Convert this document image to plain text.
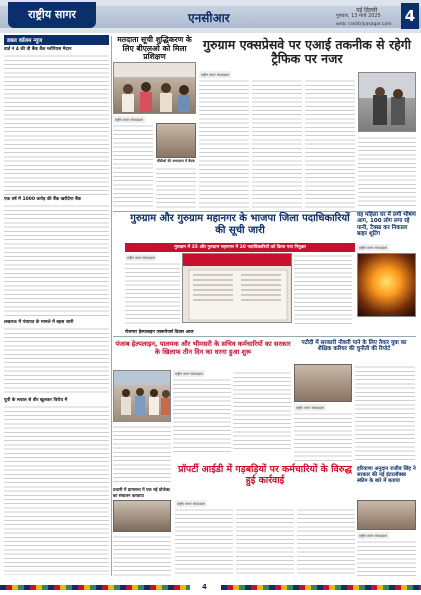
राष्ट्रीय सागर	एनसीआर
नई दिल्ली
गुरुवार, 13 मार्च 2025
web: rashtriyasagar.com 4
डबल कॉलम न्यूज
वार्ड नं 4 की वी बैंक बैंक ग्लोरियस मैदान
एक वर्ष में 1000 करोड़ की बैंक खरीदेगा बैंक
लखनऊ में पंचायत के मामले में बहस जारी
यूपी के सवाल से वीर खुलकर विरोध में
मतदाता सूची शुद्धिकरण के लिए बीएलओ को मिला प्रशिक्षण
राष्ट्रीय सागर संवाददाता
बीडीओ की अध्यक्षता में बैठक
गुरुग्राम एक्सप्रेसवे पर एआई तकनीक से रहेगी ट्रैफिक पर नजर
राष्ट्रीय सागर संवाददाता
गुरुग्राम और गुरुग्राम महानगर के भाजपा जिला पदाधिकारियों की सूची जारी
गुरुग्राम में 35 और गुरुग्राम महानगर में 30 पदाधिकारियों को किया गया नियुक्त
राष्ट्रीय सागर संवाददाता
वह महिला घर में लगी भीषण आग, 100 लोग लगा रहे पानी, टैक्स्ड कर निकाला बाहर शूटिंग
राष्ट्रीय सागर संवाददाता
रोजगार हेल्पलाइन एक्सपेयर्स दिवस आज
पंजाब हेल्पलाइन, पालमक और भीमसरी के सचिव कर्मचारियों का सरकार के खिलाफ तीन दिन का धरना हुआ शुरू
राष्ट्रीय सागर संवाददाता
प्रधानी में ग्रामसभा में एक नई प्रोजेक्ट का संचालन करवाया
पटौदी में सरकारी नौकरी पाने के लिए तैयार युवा का शैक्षिक करियर की चुनौती की रिपोर्ट
राष्ट्रीय सागर संवाददाता
प्रॉपर्टी आईडी में गड़बड़ियों पर कर्मचारियों के विरुद्ध हुई कार्रवाई
राष्ट्रीय सागर संवाददाता
हरियाणा अनुदान राजीव सिंह ने सरकार की नई इंटरलॉक्स्ड स्कीम के बारे में बताया
राष्ट्रीय सागर संवाददाता
4
